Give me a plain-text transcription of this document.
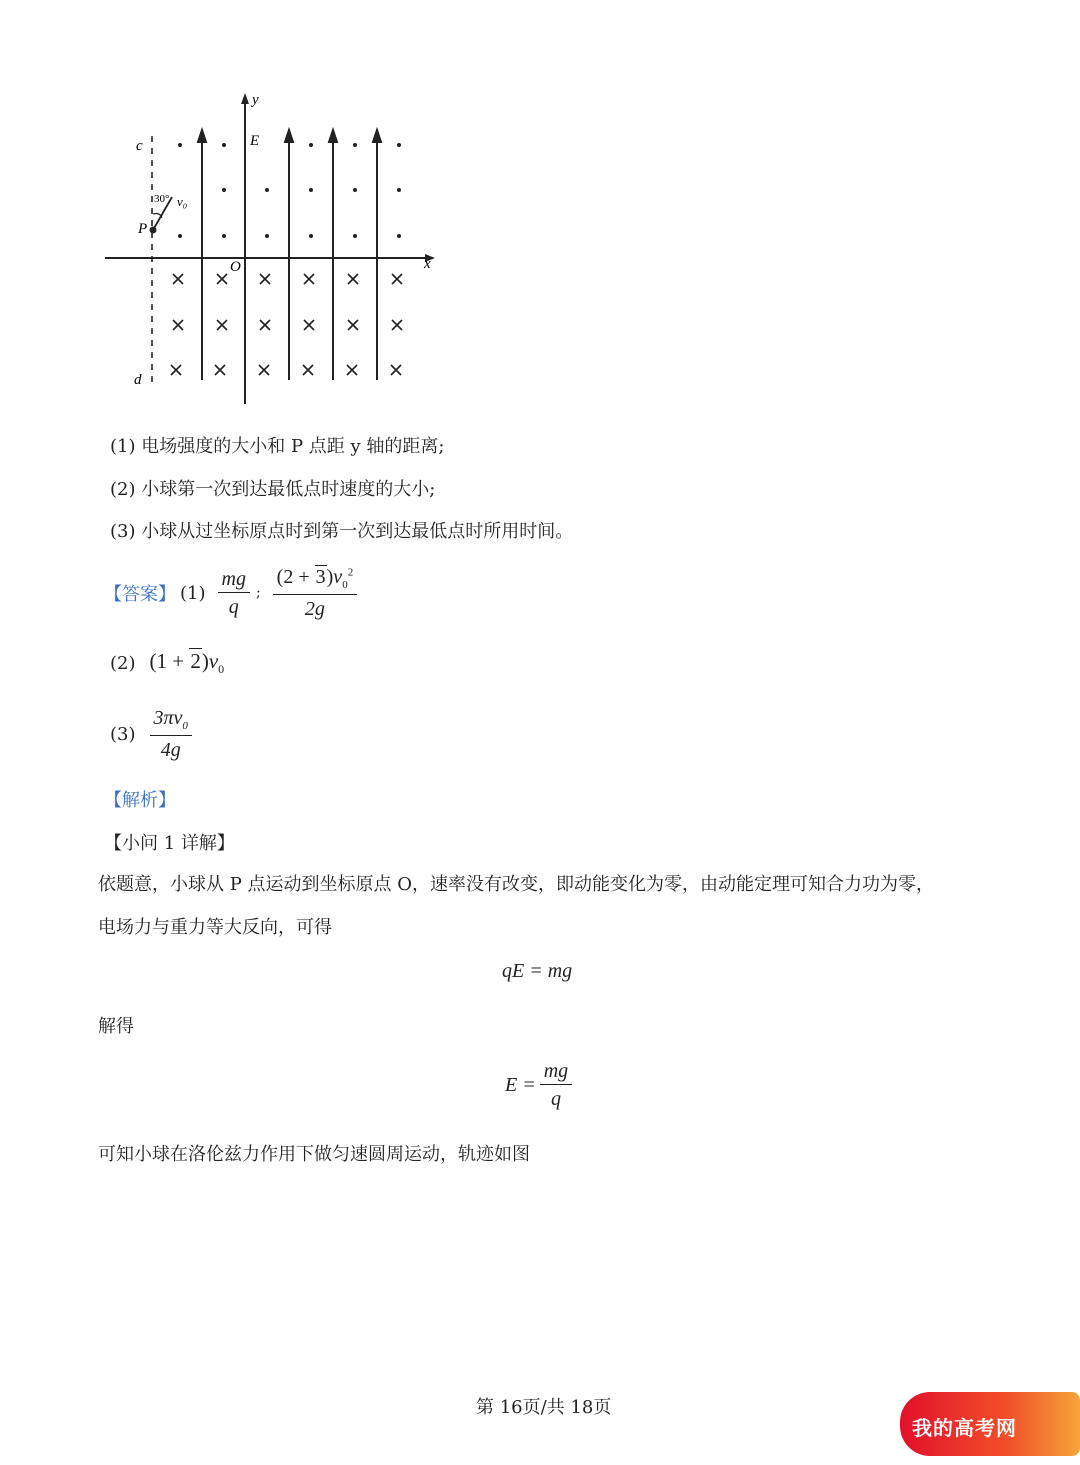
y
x
O
E
c
d
P
30° v₀
(1) 电场强度的大小和 P 点距 y 轴的距离;
(2) 小球第一次到达最低点时速度的大小;
(3) 小球从过坐标原点时到第一次到达最低点时所用时间。
【答案】 $(1) \frac{mg}{q}$ ; $\frac{(2 + 3)v_0^2}{2g}$
(2) $(1 + 2)v_0$
$(3) \frac{3\pi v_0}{4g}$
【解析】
【小问 1 详解】
依题意，小球从 P 点运动到坐标原点 O，速率没有改变，即动能变化为零，由动能定理可知合力功为零，
电场力与重力等大反向，可得
qE = mg
解得
$E = \frac{mg}{q}$
可知小球在洛伦兹力作用下做匀速圆周运动，轨迹如图
第 16页/共 18页
我的高考网
